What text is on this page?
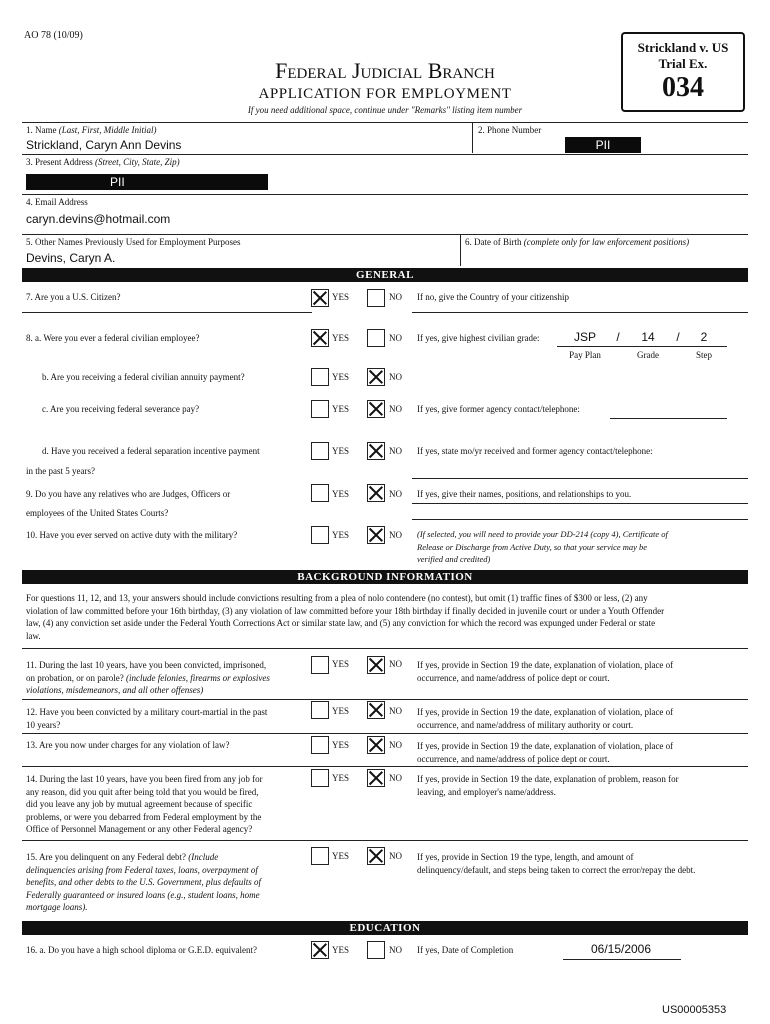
AO 78 (10/09)
Strickland v. US
Trial Ex.
034
Federal Judicial Branch
APPLICATION FOR EMPLOYMENT
If you need additional space, continue under "Remarks" listing item number
1. Name (Last, First, Middle Initial)	2. Phone Number
Strickland, Caryn Ann Devins	PII
3. Present Address (Street, City, State, Zip)
PII
4. Email Address
caryn.devins@hotmail.com
5. Other Names Previously Used for Employment Purposes	6. Date of Birth (complete only for law enforcement positions)
Devins, Caryn A.
GENERAL
7. Are you a U.S. Citizen?	YES	NO If no, give the Country of your citizenship
8. a. Were you ever a federal civilian employee?	YES	NO If yes, give highest civilian grade:	JSP	/	14	/	2
Pay Plan	Grade	Step
b. Are you receiving a federal civilian annuity payment?	YES	NO
c. Are you receiving federal severance pay?	YES	NO If yes, give former agency contact/telephone:
d. Have you received a federal separation incentive payment
in the past 5 years?
YES	NO If yes, state mo/yr received and former agency contact/telephone:
9. Do you have any relatives who are Judges, Officers or
employees of the United States Courts?
YES	NO If yes, give their names, positions, and relationships to you.
10. Have you ever served on active duty with the military?	YES	NO (If selected, you will need to provide your DD-214 (copy 4), Certificate of
Release or Discharge from Active Duty, so that your service may be
verified and credited)
BACKGROUND INFORMATION
For questions 11, 12, and 13, your answers should include convictions resulting from a plea of nolo contendere (no contest), but omit (1) traffic fines of $300 or less, (2) any
violation of law committed before your 16th birthday, (3) any violation of law committed before your 18th birthday if finally decided in juvenile court or under a Youth Offender
law, (4) any conviction set aside under the Federal Youth Corrections Act or similar state law, and (5) any conviction for which the record was expunged under Federal or state
law.
11. During the last 10 years, have you been convicted, imprisoned,
on probation, or on parole? (include felonies, firearms or explosives
violations, misdemeanors, and all other offenses)
YES	NO If yes, provide in Section 19 the date, explanation of violation, place of
occurrence, and name/address of police dept or court.
12. Have you been convicted by a military court-martial in the past
10 years?
YES	NO If yes, provide in Section 19 the date, explanation of violation, place of
occurrence, and name/address of military authority or court.
13. Are you now under charges for any violation of law?	YES	NO If yes, provide in Section 19 the date, explanation of violation, place of
occurrence, and name/address of police dept or court.
14. During the last 10 years, have you been fired from any job for
any reason, did you quit after being told that you would be fired,
did you leave any job by mutual agreement because of specific
problems, or were you debarred from Federal employment by the
Office of Personnel Management or any other Federal agency?
YES	NO If yes, provide in Section 19 the date, explanation of problem, reason for
leaving, and employer's name/address.
15. Are you delinquent on any Federal debt? (Include
delinquencies arising from Federal taxes, loans, overpayment of
benefits, and other debts to the U.S. Government, plus defaults of
Federally guaranteed or insured loans (e.g., student loans, home
mortgage loans).
YES	NO If yes, provide in Section 19 the type, length, and amount of
delinquency/default, and steps being taken to correct the error/repay the debt.
EDUCATION
16. a. Do you have a high school diploma or G.E.D. equivalent?	YES	NO If yes, Date of Completion	06/15/2006
US00005353
